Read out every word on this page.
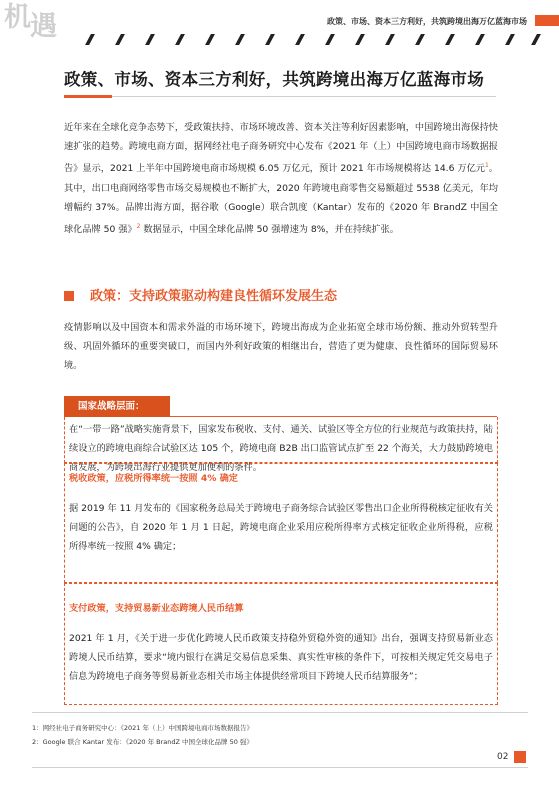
机遇	政策、市场、资本三方利好，共筑跨境出海万亿蓝海市场
政策、市场、资本三方利好，共筑跨境出海万亿蓝海市场
近年来在全球化竞争态势下，受政策扶持、市场环境改善、资本关注等利好因素影响，中国跨境出海保持快速扩张的趋势。跨境电商方面，据网经社电子商务研究中心发布《2021 年（上）中国跨境电商市场数据报告》显示，2021 上半年中国跨境电商市场规模 6.05 万亿元，预计 2021 年市场规模将达 14.6 万亿元$^1$。其中，出口电商网络零售市场交易规模也不断扩大，2020 年跨境电商零售交易额超过 5538 亿美元，年均增幅约 37%。品牌出海方面，据谷歌（Google）联合凯度（Kantar）发布的《2020 年 BrandZ 中国全球化品牌 50 强》$^2$ 数据显示，中国全球化品牌 50 强增速为 8%，并在持续扩张。
政策：支持政策驱动构建良性循环发展生态
疫情影响以及中国资本和需求外溢的市场环境下，跨境出海成为企业拓宽全球市场份额、推动外贸转型升级、巩固外循环的重要突破口，而国内外利好政策的相继出台，营造了更为健康、良性循环的国际贸易环境。
国家战略层面：
在“一带一路”战略实施背景下，国家发布税收、支付、通关、试验区等全方位的行业规范与政策扶持，陆续设立的跨境电商综合试验区达 105 个，跨境电商 B2B 出口监管试点扩至 22 个海关，大力鼓励跨境电商发展，为跨境出海行业提供更加便利的条件。
税收政策，应税所得率统一按照 4% 确定
据 2019 年 11 月发布的《国家税务总局关于跨境电子商务综合试验区零售出口企业所得税核定征收有关问题的公告》，自 2020 年 1 月 1 日起，跨境电商企业采用应税所得率方式核定征收企业所得税，应税所得率统一按照 4% 确定；
支付政策，支持贸易新业态跨境人民币结算
2021 年 1 月，《关于进一步优化跨境人民币政策支持稳外贸稳外资的通知》出台，强调支持贸易新业态跨境人民币结算，要求“境内银行在满足交易信息采集、真实性审核的条件下，可按相关规定凭交易电子信息为跨境电子商务等贸易新业态相关市场主体提供经常项目下跨境人民币结算服务”；
1：网经社电子商务研究中心：《2021 年（上）中国跨境电商市场数据报告》
2：Google 联合 Kantar 发布：《2020 年 BrandZ 中国全球化品牌 50 强》
02
